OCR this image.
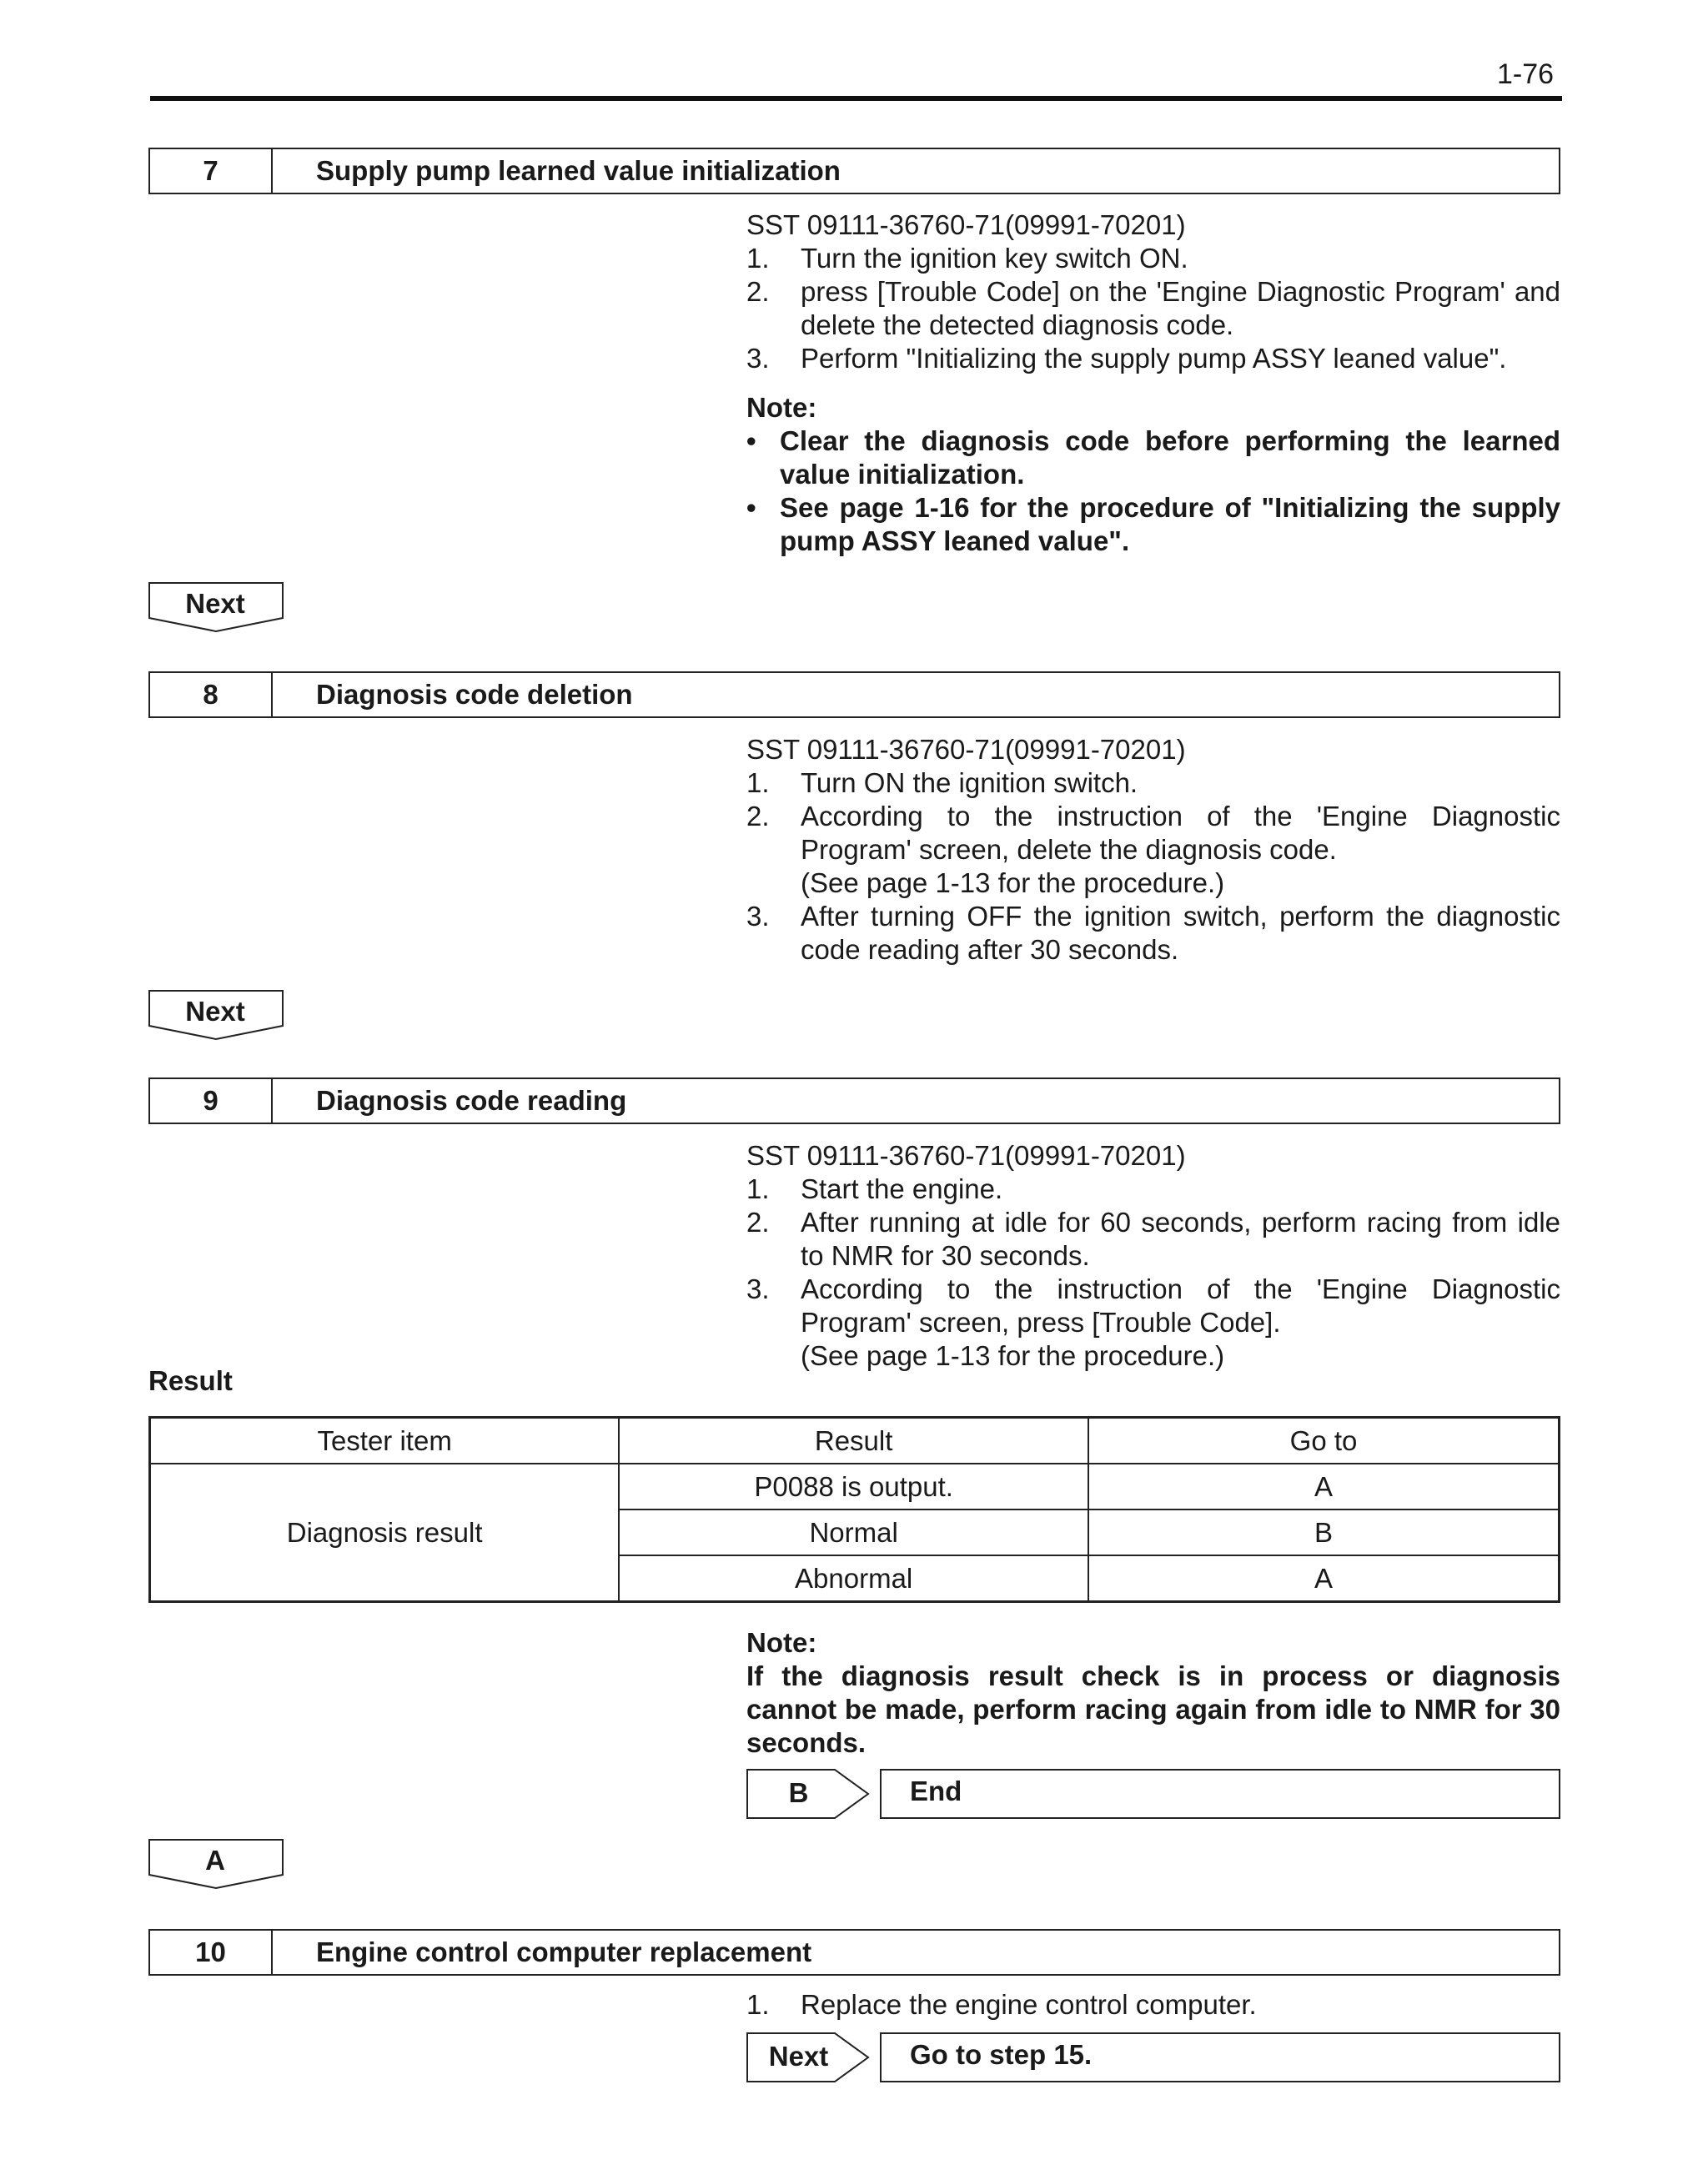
1-76
7	Supply pump learned value initialization

SST 09111-36760-71(09991-70201)

1.	Turn the ignition key switch ON.
2.	press [Trouble Code] on the 'Engine Diagnostic Program' and delete the detected diagnosis code.
3.	Perform "Initializing the supply pump ASSY leaned value".

Note:

• Clear the diagnosis code before performing the learned value initialization.
• See page 1-16 for the procedure of "Initializing the supply pump ASSY leaned value".
Next
8	Diagnosis code deletion

SST 09111-36760-71(09991-70201)

1.	Turn ON the ignition switch.
2.	According to the instruction of the 'Engine Diagnostic Program' screen, delete the diagnosis code.
(See page 1-13 for the procedure.)
3.	After turning OFF the ignition switch, perform the diagnostic code reading after 30 seconds.
Next
9	Diagnosis code reading

SST 09111-36760-71(09991-70201)

1.	Start the engine.
2.	After running at idle for 60 seconds, perform racing from idle to NMR for 30 seconds.
3.	According to the instruction of the 'Engine Diagnostic Program' screen, press [Trouble Code].
(See page 1-13 for the procedure.)
Result
Tester item	Result	Go to
Diagnosis result	P0088 is output.	A
	Normal	B
	Abnormal	A

Note:

If the diagnosis result check is in process or diagnosis cannot be made, perform racing again from idle to NMR for 30 seconds.

B	End
A
10	Engine control computer replacement
1.	Replace the engine control computer.
Next	Go to step 15.
